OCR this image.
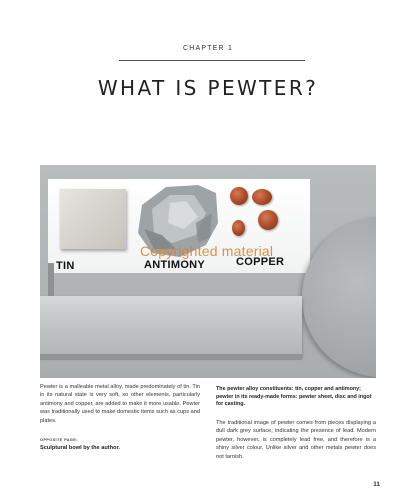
CHAPTER 1
WHAT IS PEWTER?
TIN	ANTIMONY	COPPER
Copyrighted material

Pewter is a malleable metal alloy, made predominately of tin. Tin in its natural state is very soft, so other elements, particularly antimony and copper, are added to make it more usable. Pewter was traditionally used to make domestic items such as cups and plates.

OPPOSITE PAGE:
Sculptural bowl by the author.

The pewter alloy constituents: tin, copper and antimony; pewter in its ready-made forms: pewter sheet, disc and ingot for casting.

The traditional image of pewter comes from pieces displaying a dull dark grey surface, indicating the presence of lead. Modern pewter, however, is completely lead free, and therefore is a shiny silver colour. Unlike silver and other metals pewter does not tarnish.

11
